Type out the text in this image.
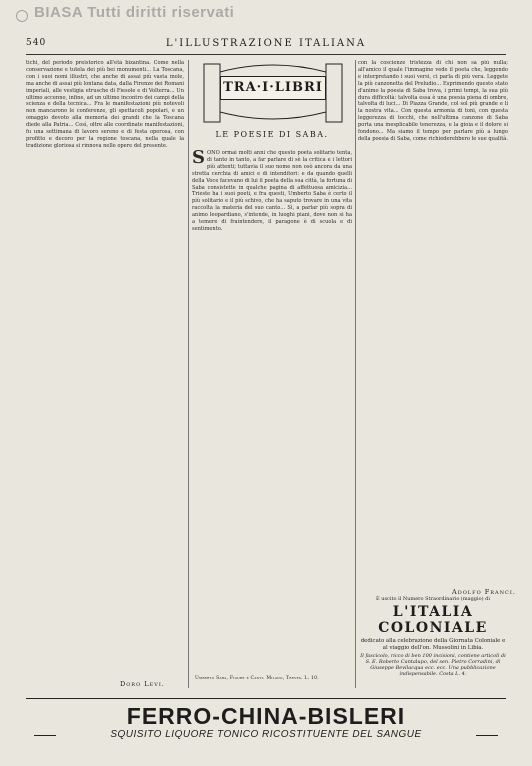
BIASA Tutti diritti riservati
540	L'ILLUSTRAZIONE ITALIANA
tichi, del periodo preistorico all'età bizantina. Come nella conservazione e tutela dei più bei monumenti... La Toscana, con i suoi nomi illustri, che anche di assai più vasta mole, ma anche di assai più lontana data, dalla Firenze dei Romani imperiali, alle vestigia etrusche di Fiesole e di Volterra... Un ultimo accenno, infine, ad un ultimo incontro dei campi della scienza e della tecnica... Fra le manifestazioni più notevoli non mancarono le conferenze, gli spettacoli popolari, e un omaggio devoto alla memoria dei grandi che la Toscana diede alla Patria... Così, oltre alle coordinate manifestazioni, fu una settimana di lavoro sereno e di festa operosa, con profitto e decoro per la regione toscana, nella quale la tradizione gloriosa si rinnova nelle opere del presente.
TRA·I·LIBRI
LE POESIE DI SABA.
S ONO ormai molti anni che questo poeta solitario tenta, di tanto in tanto, a far parlare di sè la critica e i lettori più attenti; tuttavia il suo nome non osò ancora da una stretta cerchia di amici e di intenditori: e da quando quelli della Voce facevano di lui il poeta della sua città, la fortuna di Saba consistette in qualche pagina di affettuosa amicizia... Trieste ha i suoi poeti, e fra questi, Umberto Saba è certo il più solitario e il più schivo, che ha saputo trovare in una vita raccolta la materia del suo canto... Sì, a parlar più sopra di animo leopardiano, s'intende, in luoghi piani, dove non si ha a temere di fraintendere, il paragone è di scuola e di sentimento.
con la coscienze tristezza di chi non sa più nulla; all'amico il quale l'immagine vede il poeta che, leggendo e interpretando i suoi versi, ci parla di più vera. Leggete la più canzonetta del Preludio... Esprimendo questo stato d'animo la poesia di Saba trova, i primi tempi, la sua più dura difficoltà: talvolta essa è una poesia piena di ombre, talvolta di luci... Di Piazza Grande, col sol più grande e li la nostra vita... Con questa armonia di toni, con questa leggerezza di tocchi, che nell'ultima canzone di Saba porta una inesplicabile tenerezza, e la gioia e il dolore si fondono... Ma siamo il tempo per parlare più a lungo della poesia di Saba, come richiederebbero le sue qualità.
Doro Levi.
Umberto Saba, Figure e Canti. Milano, Treves. L. 10.
Adolfo Franci.
È uscito il Numero Straordinario (maggio) di
L'ITALIA COLONIALE
dedicato alla celebrazione della Giornata Coloniale e al viaggio dell'on. Mussolini in Libia.
Il fascicolo, ricco di ben 100 incisioni, contiene articoli di S. E. Roberto Cantalupo, del sen. Pietro Corradini, di Giuseppe Bevilacqua ecc. ecc. Una pubblicazione indispensabile. Costa L. 4.
FERRO-CHINA-BISLERI
SQUISITO LIQUORE TONICO RICOSTITUENTE DEL SANGUE
